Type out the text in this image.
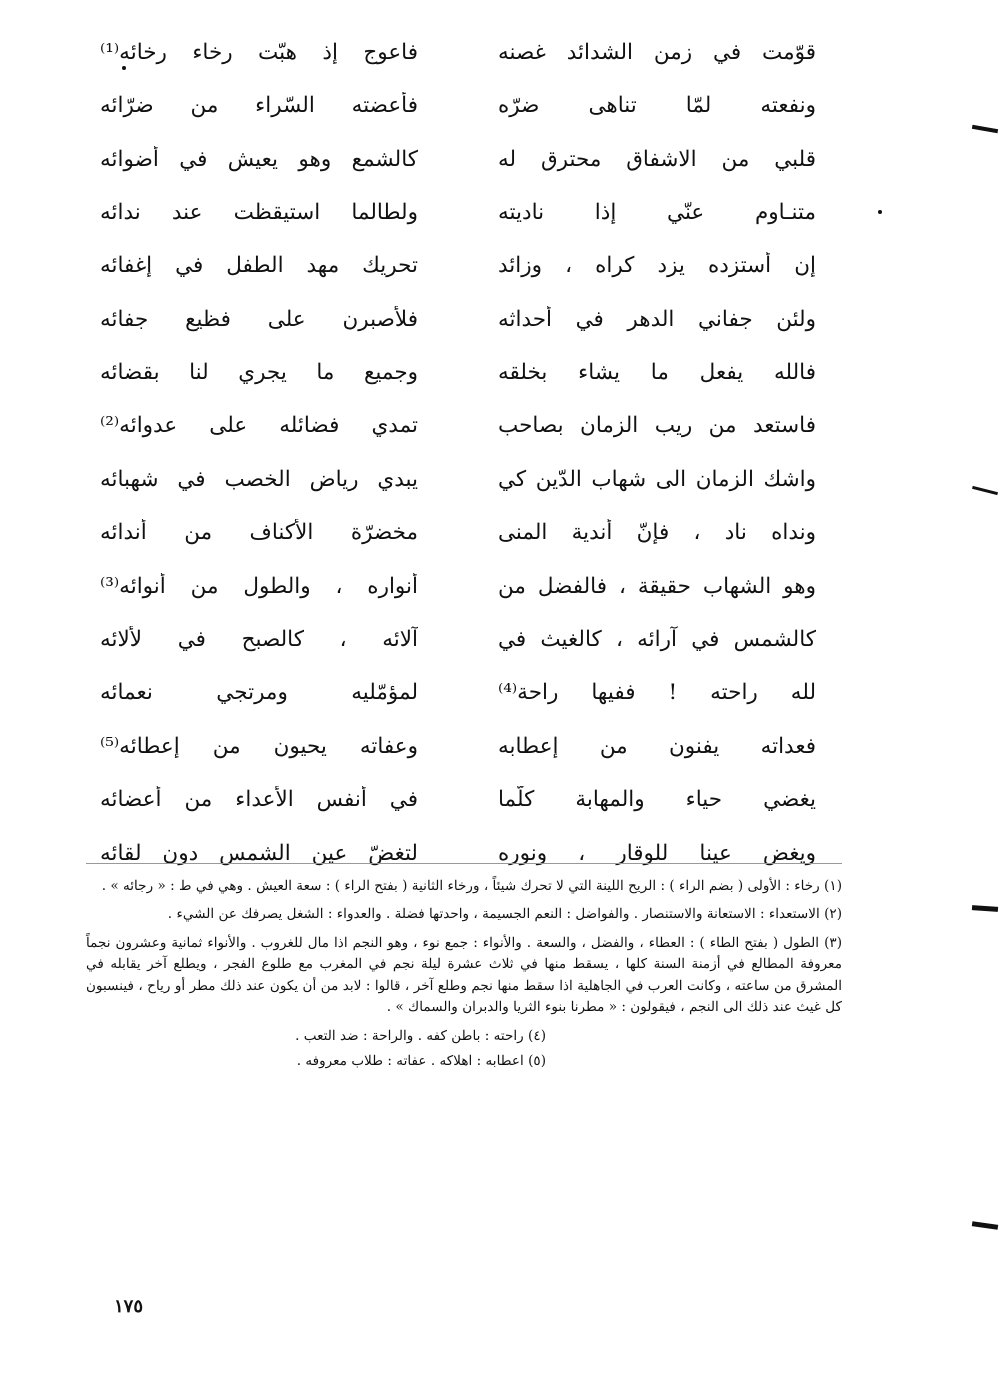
قوّمت في زمن الشدائد غصنه
فاعوج إذ هبّت رخاء رخائه⁽¹⁾
ونفعته لمّا تناهى ضرّه
فأعضته السّراء من ضرّائه
قلبي من الاشفاق محترق له
كالشمع وهو يعيش في أضوائه
متنـاوم عنّي إذا ناديته
ولطالما استيقظت عند ندائه
إن أستزده يزد كراه ، وزائد
تحريك مهد الطفل في إغفائه
ولئن جفاني الدهر في أحداثه
فلأصبرن على فظيع جفائه
فالله يفعل ما يشاء بخلقه
وجميع ما يجري لنا بقضائه
فاستعد من ريب الزمان بصاحب
تمدي فضائله على عدوائه⁽²⁾
واشك الزمان الى شهاب الدّين كي
يبدي رياض الخصب في شهبائه
ونداه ناد ، فإنّ أندية المنى
مخضرّة الأكناف من أندائه
وهو الشهاب حقيقة ، فالفضل من
أنواره ، والطول من أنوائه⁽³⁾
كالشمس في آرائه ، كالغيث في
آلائه ، كالصبح في لألائه
لله راحته ! ففيها راحة⁽⁴⁾
لمؤمّليه ومرتجي نعمائه
فعداته يفنون من إعطابه
وعفاته يحيون من إعطائه⁽⁵⁾
يغضي حياء والمهابة كلّما
في أنفس الأعداء من أعضائه
ويغض عينا للوقار ، ونوره
لتغضّ عين الشمس دون لقائه

(١) رخاء : الأولى ( بضم الراء ) : الريح اللينة التي لا تحرك شيئاً ، ورخاء الثانية ( بفتح الراء ) : سعة العيش . وهي في ط : « رجائه » .

(٢) الاستعداء : الاستعانة والاستنصار . والفواضل : النعم الجسيمة ، واحدتها فضلة . والعدواء : الشغل يصرفك عن الشيء .

(٣) الطول ( بفتح الطاء ) : العطاء ، والفضل ، والسعة . والأنواء : جمع نوء ، وهو النجم اذا مال للغروب . والأنواء ثمانية وعشرون نجماً معروفة المطالع في أزمنة السنة كلها ، يسقط منها في ثلاث عشرة ليلة نجم في المغرب مع طلوع الفجر ، ويطلع آخر يقابله في المشرق من ساعته ، وكانت العرب في الجاهلية اذا سقط منها نجم وطلع آخر ، قالوا : لابد من أن يكون عند ذلك مطر أو رياح ، فينسبون كل غيث عند ذلك الى النجم ، فيقولون : « مطرنا بنوء الثريا والدبران والسماك » .

(٤) راحته : باطن كفه . والراحة : ضد التعب .

(٥) اعطابه : اهلاكه . عفاته : طلاب معروفه .

١٧٥
